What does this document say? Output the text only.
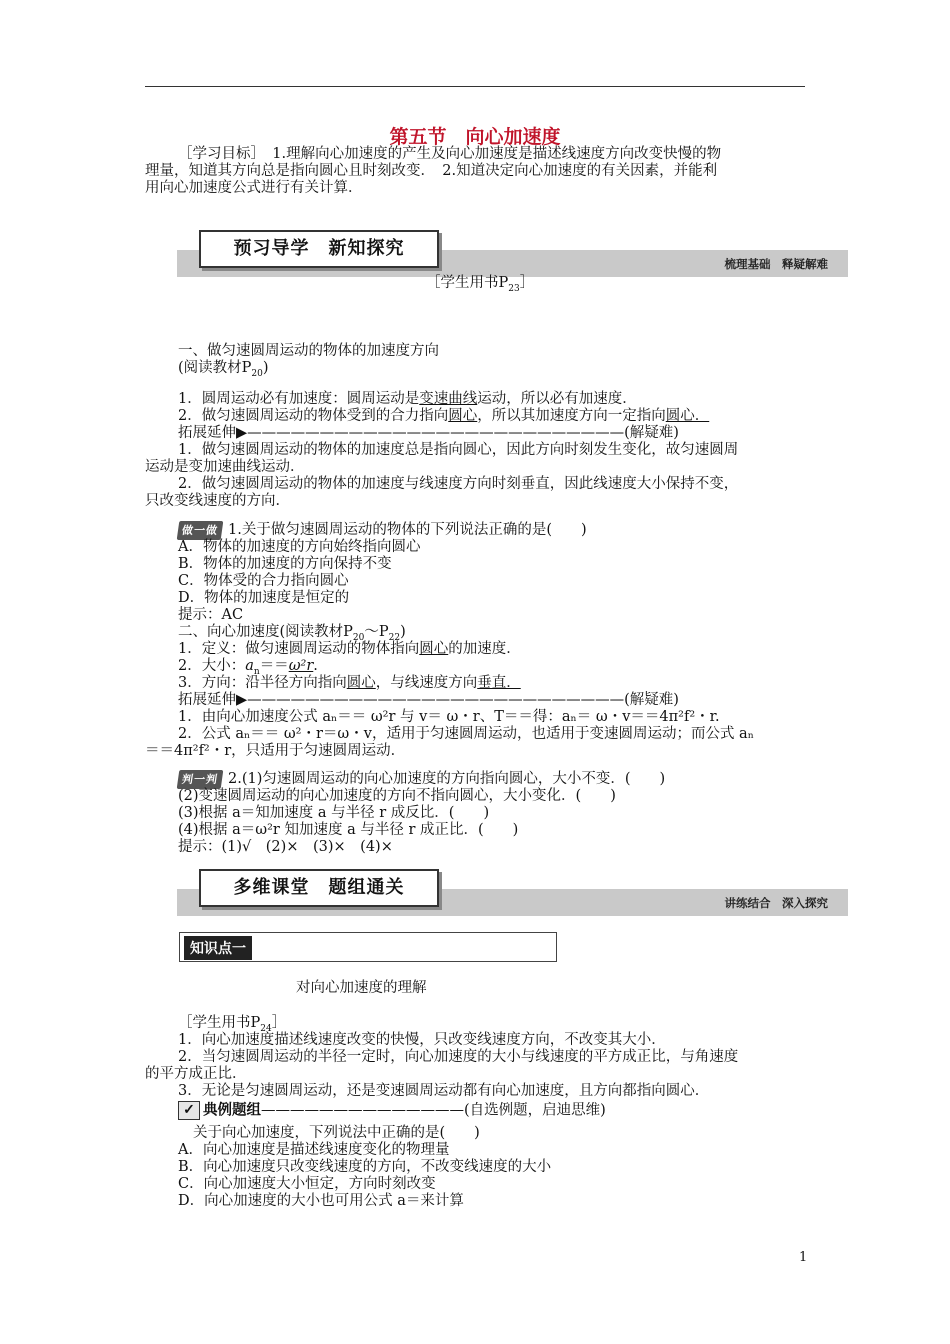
第五节　向心加速度
［学习目标］　1.理解向心加速度的产生及向心加速度是描述线速度方向改变快慢的物
理量，知道其方向总是指向圆心且时刻改变．　2.知道决定向心加速度的有关因素，并能利
用向心加速度公式进行有关计算．
预习导学　新知探究
梳理基础　释疑解难
［学生用书$P_{23}]$
一、做匀速圆周运动的物体的加速度方向
(阅读教材$P_{20}$)
1．圆周运动必有加速度：圆周运动是变速曲线运动，所以必有加速度．
2．做匀速圆周运动的物体受到的合力指向圆心，所以其加速度方向一定指向圆心．
拓展延伸▶——————————————————————————(解疑难)
1．做匀速圆周运动的物体的加速度总是指向圆心，因此方向时刻发生变化，故匀速圆周
运动是变加速曲线运动．
2．做匀速圆周运动的物体的加速度与线速度方向时刻垂直，因此线速度大小保持不变，
只改变线速度的方向．
做一做 1.关于做匀速圆周运动的物体的下列说法正确的是(　　)
A．物体的加速度的方向始终指向圆心
B．物体的加速度的方向保持不变
C．物体受的合力指向圆心
D．物体的加速度是恒定的
提示：AC
二、向心加速度(阅读教材$P_{20}\sim P_{22}$)
1．定义：做匀速圆周运动的物体指向圆心的加速度．
2．大小：$a_n==\omega^2r$.
3．方向：沿半径方向指向圆心，与线速度方向垂直．
拓展延伸▶——————————————————————————(解疑难)
1．由向心加速度公式 aₙ＝＝ ω²r 与 v＝ ω・r、T＝＝得：aₙ＝ ω・v＝＝4π²f²・r.
2．公式 aₙ＝＝ ω²・r＝ω・v，适用于匀速圆周运动，也适用于变速圆周运动；而公式 aₙ
＝＝4π²f²・r，只适用于匀速圆周运动．
判一判 2.(1)匀速圆周运动的向心加速度的方向指向圆心，大小不变．(　　)
(2)变速圆周运动的向心加速度的方向不指向圆心，大小变化．(　　)
(3)根据 a＝知加速度 a 与半径 r 成反比．(　　)
(4)根据 a＝ω²r 知加速度 a 与半径 r 成正比．(　　)
提示：(1)√　(2)×　(3)×　(4)×
多维课堂　题组通关
讲练结合　深入探究
知识点一
对向心加速度的理解
［学生用书$P_{24}]$
1．向心加速度描述线速度改变的快慢，只改变线速度方向，不改变其大小．
2．当匀速圆周运动的半径一定时，向心加速度的大小与线速度的平方成正比，与角速度
的平方成正比．
3．无论是匀速圆周运动，还是变速圆周运动都有向心加速度，且方向都指向圆心．
✓ 典例题组——————————————(自选例题，启迪思维)
关于向心加速度，下列说法中正确的是(　　)
A．向心加速度是描述线速度变化的物理量
B．向心加速度只改变线速度的方向，不改变线速度的大小
C．向心加速度大小恒定，方向时刻改变
D．向心加速度的大小也可用公式 a＝来计算
1
